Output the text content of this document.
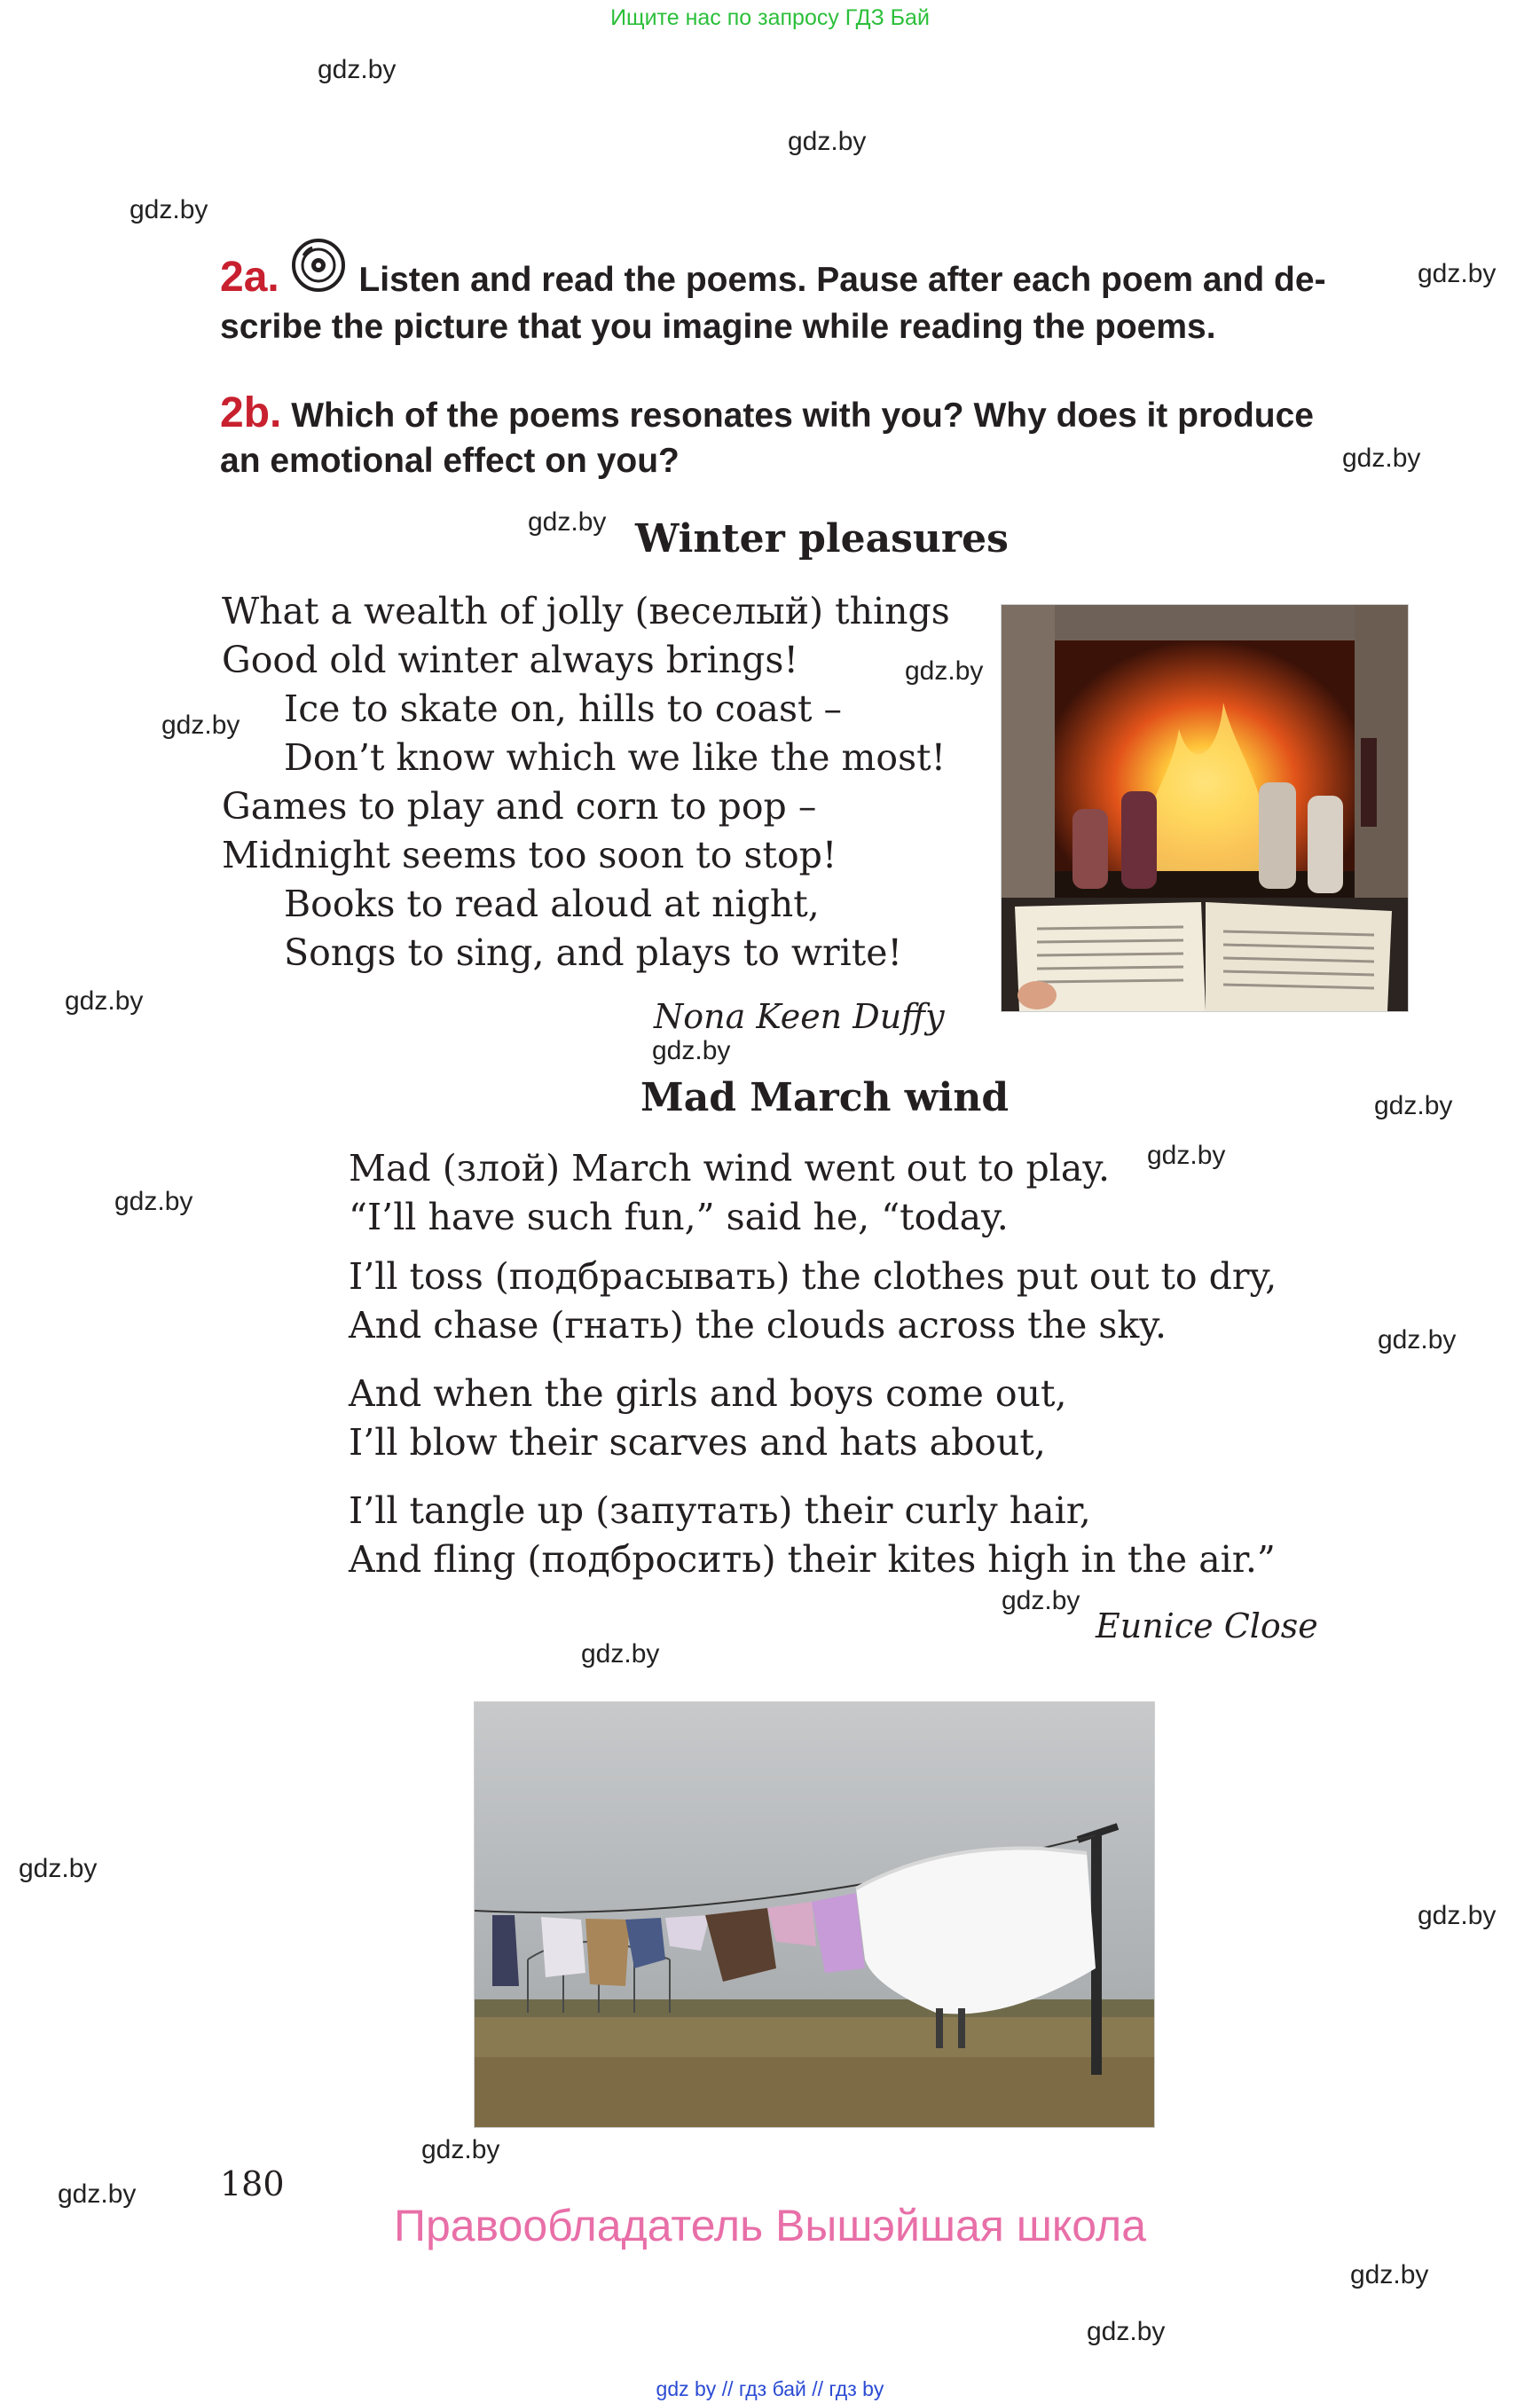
Ищите нас по запросу ГДЗ Бай
gdz.by
gdz.by
gdz.by
gdz.by
gdz.by
gdz.by
gdz.by
gdz.by
gdz.by
gdz.by
gdz.by
gdz.by
gdz.by
gdz.by
gdz.by
gdz.by
gdz.by
gdz.by
gdz.by
gdz.by
gdz.by
gdz.by
2a. Listen and read the poems. Pause after each poem and de-
scribe the picture that you imagine while reading the poems.
2b. Which of the poems resonates with you? Why does it produce
an emotional effect on you?
Winter pleasures
What a wealth of jolly (веселый) things
Good old winter always brings!
Ice to skate on, hills to coast –
Don’t know which we like the most!
Games to play and corn to pop –
Midnight seems too soon to stop!
Books to read aloud at night,
Songs to sing, and plays to write!
Nona Keen Duffy
Mad March wind
Mad (злой) March wind went out to play.
“I’ll have such fun,” said he, “today.
I’ll toss (подбрасывать) the clothes put out to dry,
And chase (гнать) the clouds across the sky.
And when the girls and boys come out,
I’ll blow their scarves and hats about,
I’ll tangle up (запутать) their curly hair,
And fling (подбросить) their kites high in the air.”
Eunice Close
180
Правообладатель Вышэйшая школа
gdz by // гдз бай // гдз by
